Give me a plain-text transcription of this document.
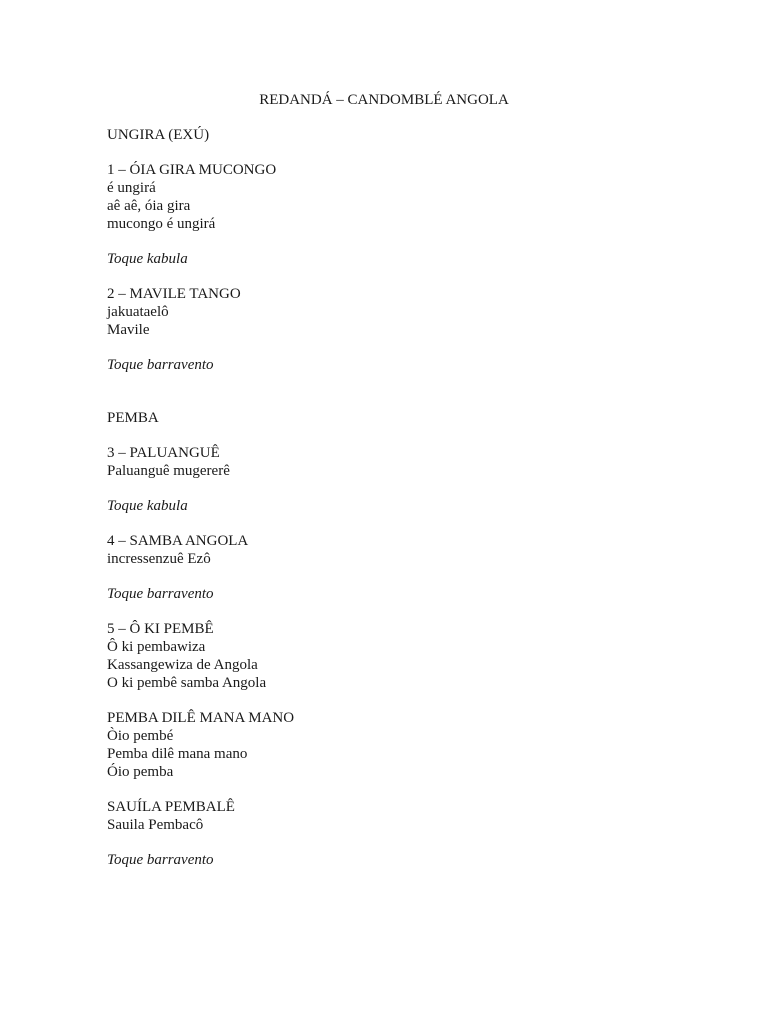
REDANDÁ – CANDOMBLÉ ANGOLA
UNGIRA (EXÚ)
1 – ÓIA GIRA MUCONGO
é ungirá
aê aê, óia gira
mucongo é ungirá
Toque kabula
2 – MAVILE TANGO
jakuataelô
Mavile
Toque barravento
PEMBA
3 – PALUANGUÊ
Paluanguê mugererê
Toque kabula
4 – SAMBA ANGOLA
incressenzuê Ezô
Toque barravento
5 – Ô KI PEMBÊ
Ô ki pembawiza
Kassangewiza de Angola
O ki pembê samba Angola
PEMBA DILÊ MANA MANO
Òio pembé
Pemba dilê mana mano
Óio pemba
SAUÍLA PEMBALÊ
Sauila Pembacô
Toque barravento
